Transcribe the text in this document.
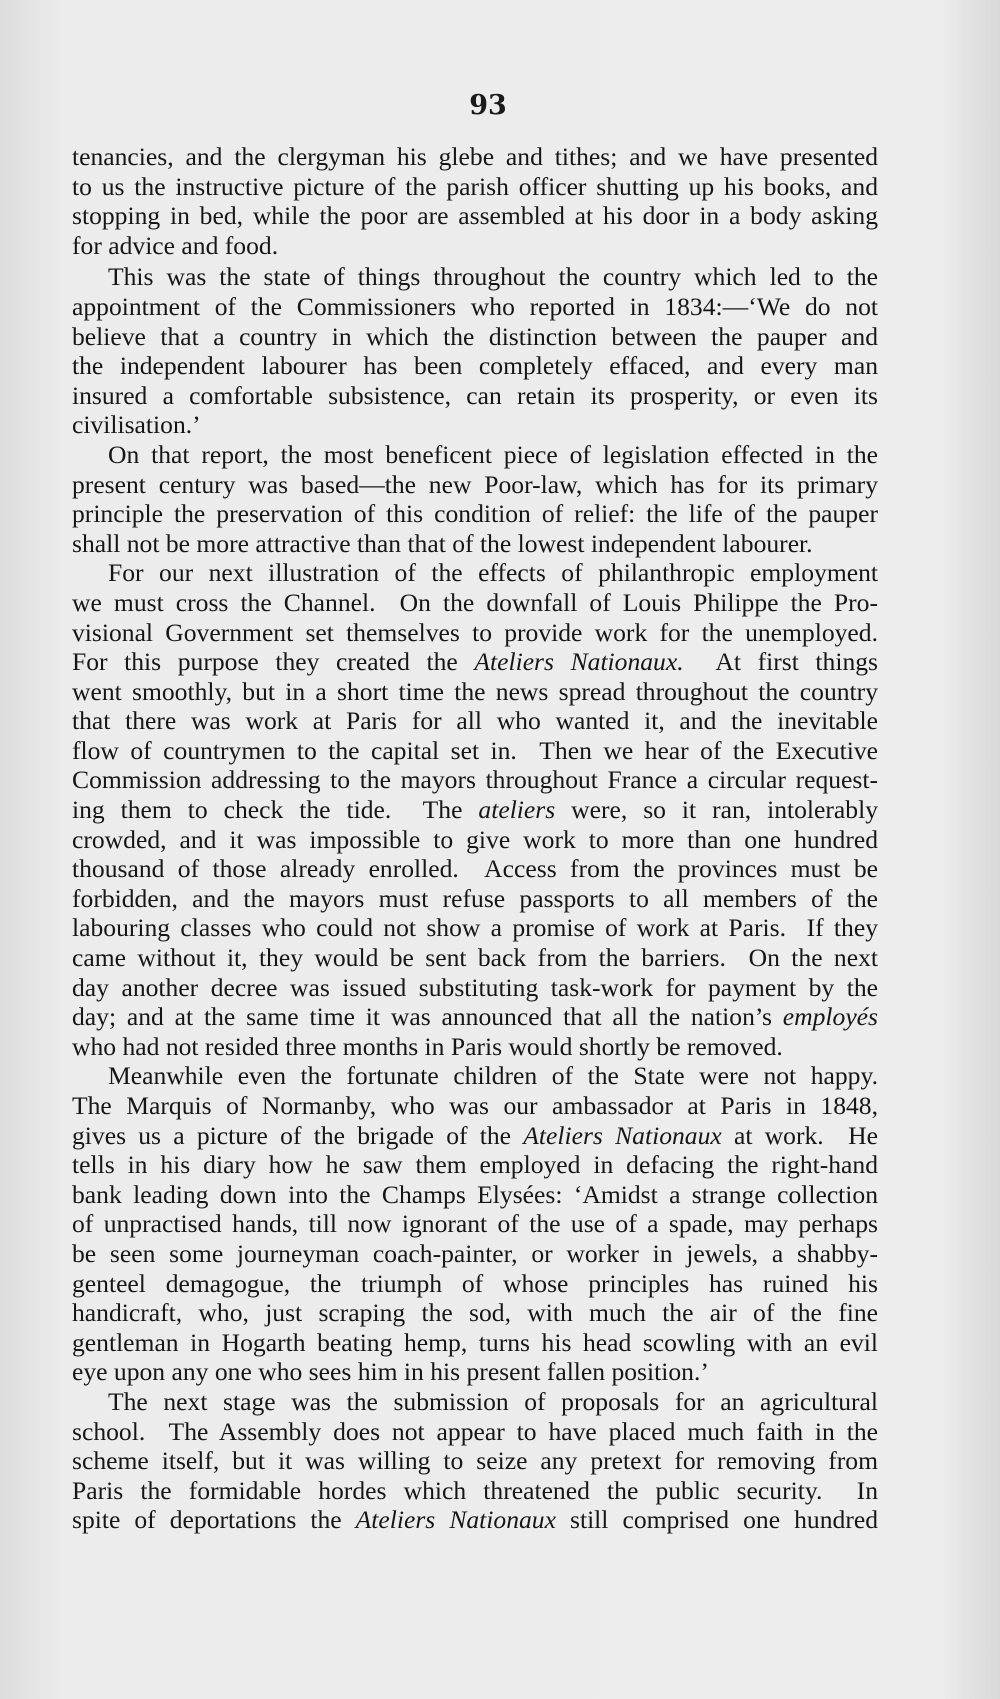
93
tenancies, and the clergyman his glebe and tithes; and we have presented
to us the instructive picture of the parish officer shutting up his books, and
stopping in bed, while the poor are assembled at his door in a body asking
for advice and food.
This was the state of things throughout the country which led to the
appointment of the Commissioners who reported in 1834:—‘We do not
believe that a country in which the distinction between the pauper and
the independent labourer has been completely effaced, and every man
insured a comfortable subsistence, can retain its prosperity, or even its
civilisation.’
On that report, the most beneficent piece of legislation effected in the
present century was based—the new Poor-law, which has for its primary
principle the preservation of this condition of relief: the life of the pauper
shall not be more attractive than that of the lowest independent labourer.
For our next illustration of the effects of philanthropic employment
we must cross the Channel.  On the downfall of Louis Philippe the Pro-
visional Government set themselves to provide work for the unemployed.
For this purpose they created the Ateliers Nationaux.  At first things
went smoothly, but in a short time the news spread throughout the country
that there was work at Paris for all who wanted it, and the inevitable
flow of countrymen to the capital set in.  Then we hear of the Executive
Commission addressing to the mayors throughout France a circular request-
ing them to check the tide.  The ateliers were, so it ran, intolerably
crowded, and it was impossible to give work to more than one hundred
thousand of those already enrolled.  Access from the provinces must be
forbidden, and the mayors must refuse passports to all members of the
labouring classes who could not show a promise of work at Paris.  If they
came without it, they would be sent back from the barriers.  On the next
day another decree was issued substituting task-work for payment by the
day; and at the same time it was announced that all the nation’s employés
who had not resided three months in Paris would shortly be removed.
Meanwhile even the fortunate children of the State were not happy.
The Marquis of Normanby, who was our ambassador at Paris in 1848,
gives us a picture of the brigade of the Ateliers Nationaux at work.  He
tells in his diary how he saw them employed in defacing the right-hand
bank leading down into the Champs Elysées: ‘Amidst a strange collection
of unpractised hands, till now ignorant of the use of a spade, may perhaps
be seen some journeyman coach-painter, or worker in jewels, a shabby-
genteel demagogue, the triumph of whose principles has ruined his
handicraft, who, just scraping the sod, with much the air of the fine
gentleman in Hogarth beating hemp, turns his head scowling with an evil
eye upon any one who sees him in his present fallen position.’
The next stage was the submission of proposals for an agricultural
school.  The Assembly does not appear to have placed much faith in the
scheme itself, but it was willing to seize any pretext for removing from
Paris the formidable hordes which threatened the public security.  In
spite of deportations the Ateliers Nationaux still comprised one hundred
